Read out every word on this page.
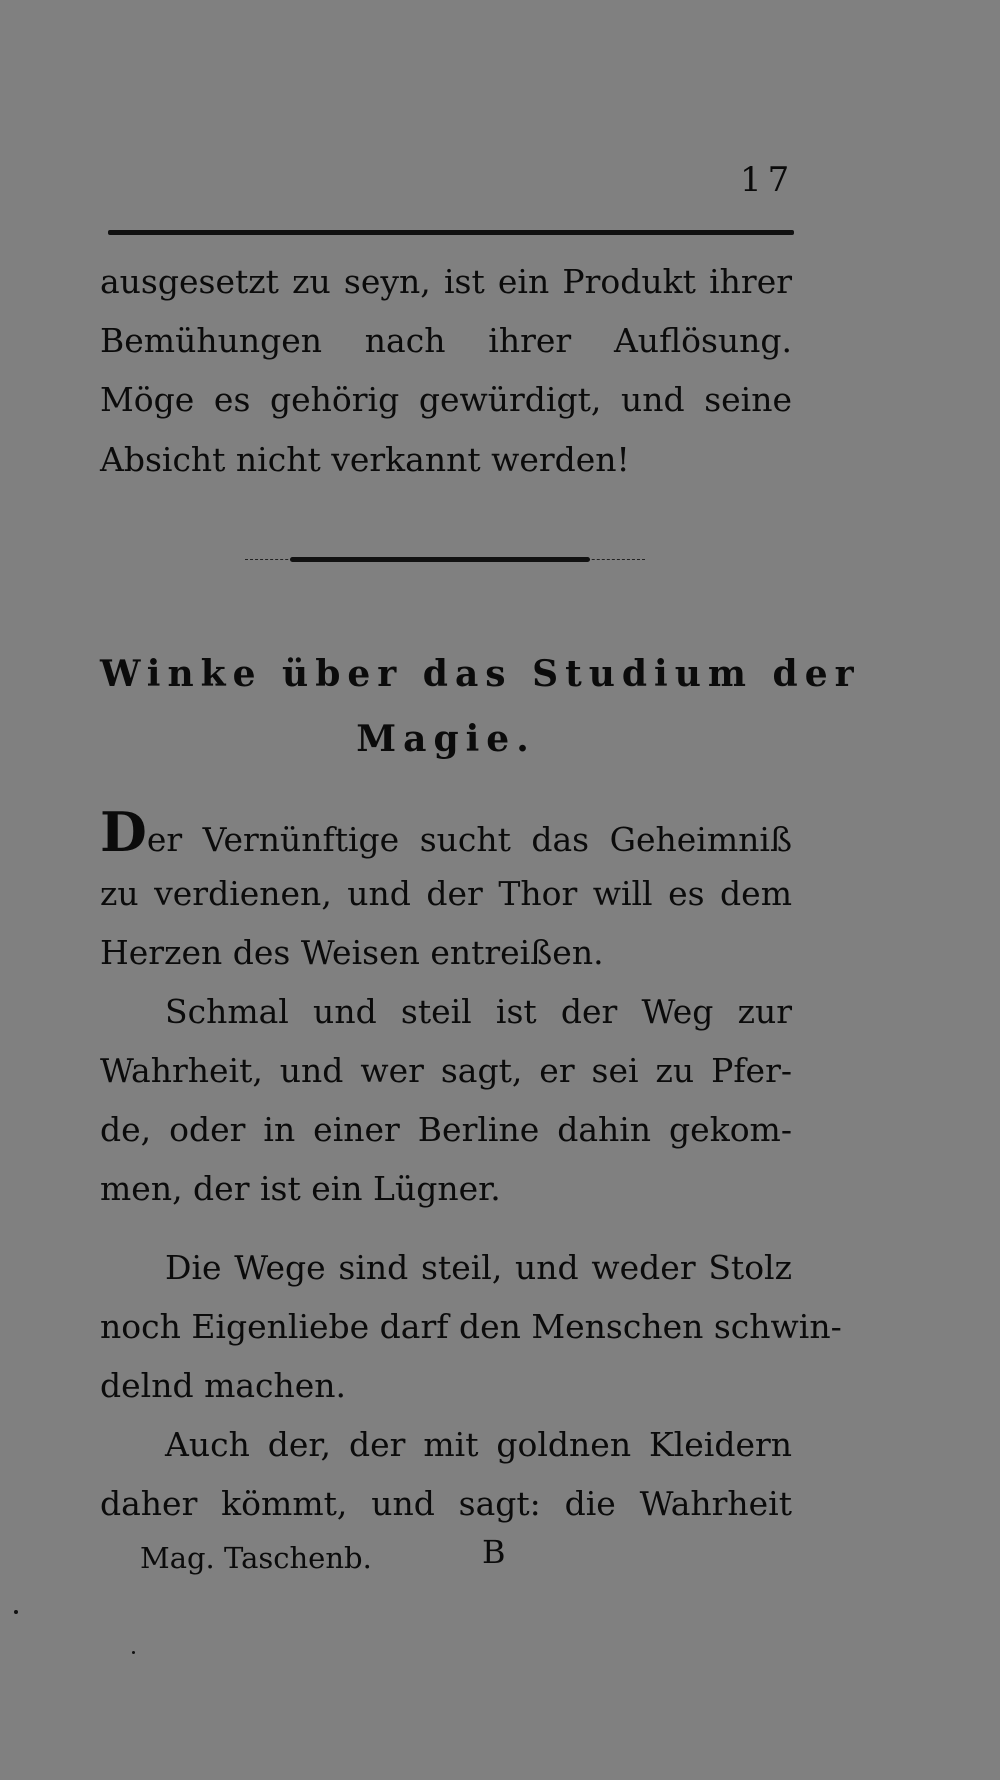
17
ausgesetzt zu seyn, ist ein Produkt ihrer
Bemühungen nach ihrer Auflösung.
Möge es gehörig gewürdigt, und seine
Absicht nicht verkannt werden!
Winke über das Studium der
Magie.
Der Vernünftige sucht das Geheimniß
zu verdienen, und der Thor will es dem
Herzen des Weisen entreißen.
Schmal und steil ist der Weg zur
Wahrheit, und wer sagt, er sei zu Pfer-
de, oder in einer Berline dahin gekom-
men, der ist ein Lügner.
Die Wege sind steil, und weder Stolz
noch Eigenliebe darf den Menschen schwin-
delnd machen.
Auch der, der mit goldnen Kleidern
daher kömmt, und sagt: die Wahrheit
Mag. Taschenb.	B
